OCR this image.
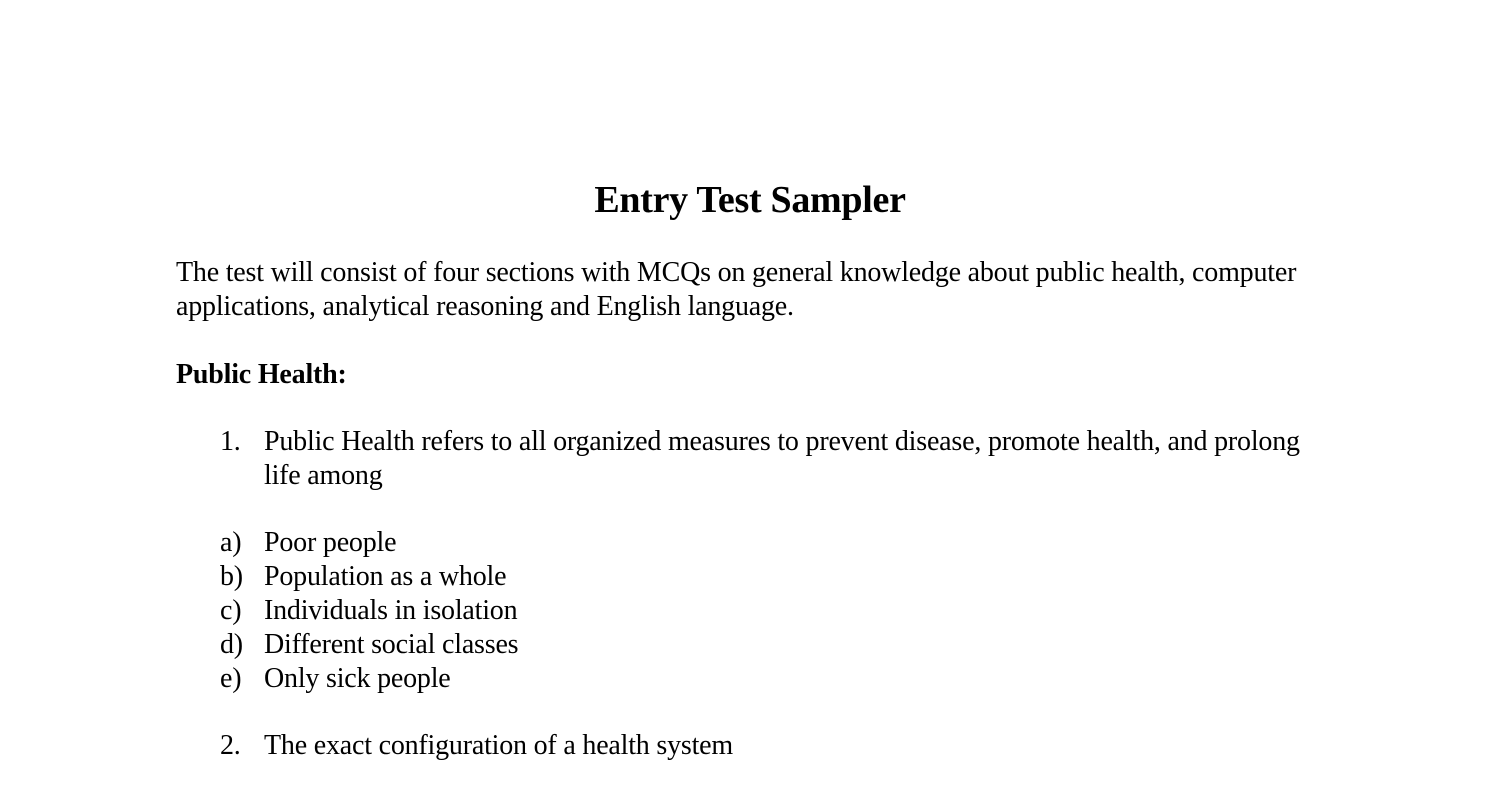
Entry Test Sampler
The test will consist of four sections with MCQs on general knowledge about public health, computer applications, analytical reasoning and English language.
Public Health:
1. Public Health refers to all organized measures to prevent disease, promote health, and prolong life among
a) Poor people
b) Population as a whole
c) Individuals in isolation
d) Different social classes
e) Only sick people
2. The exact configuration of a health system
